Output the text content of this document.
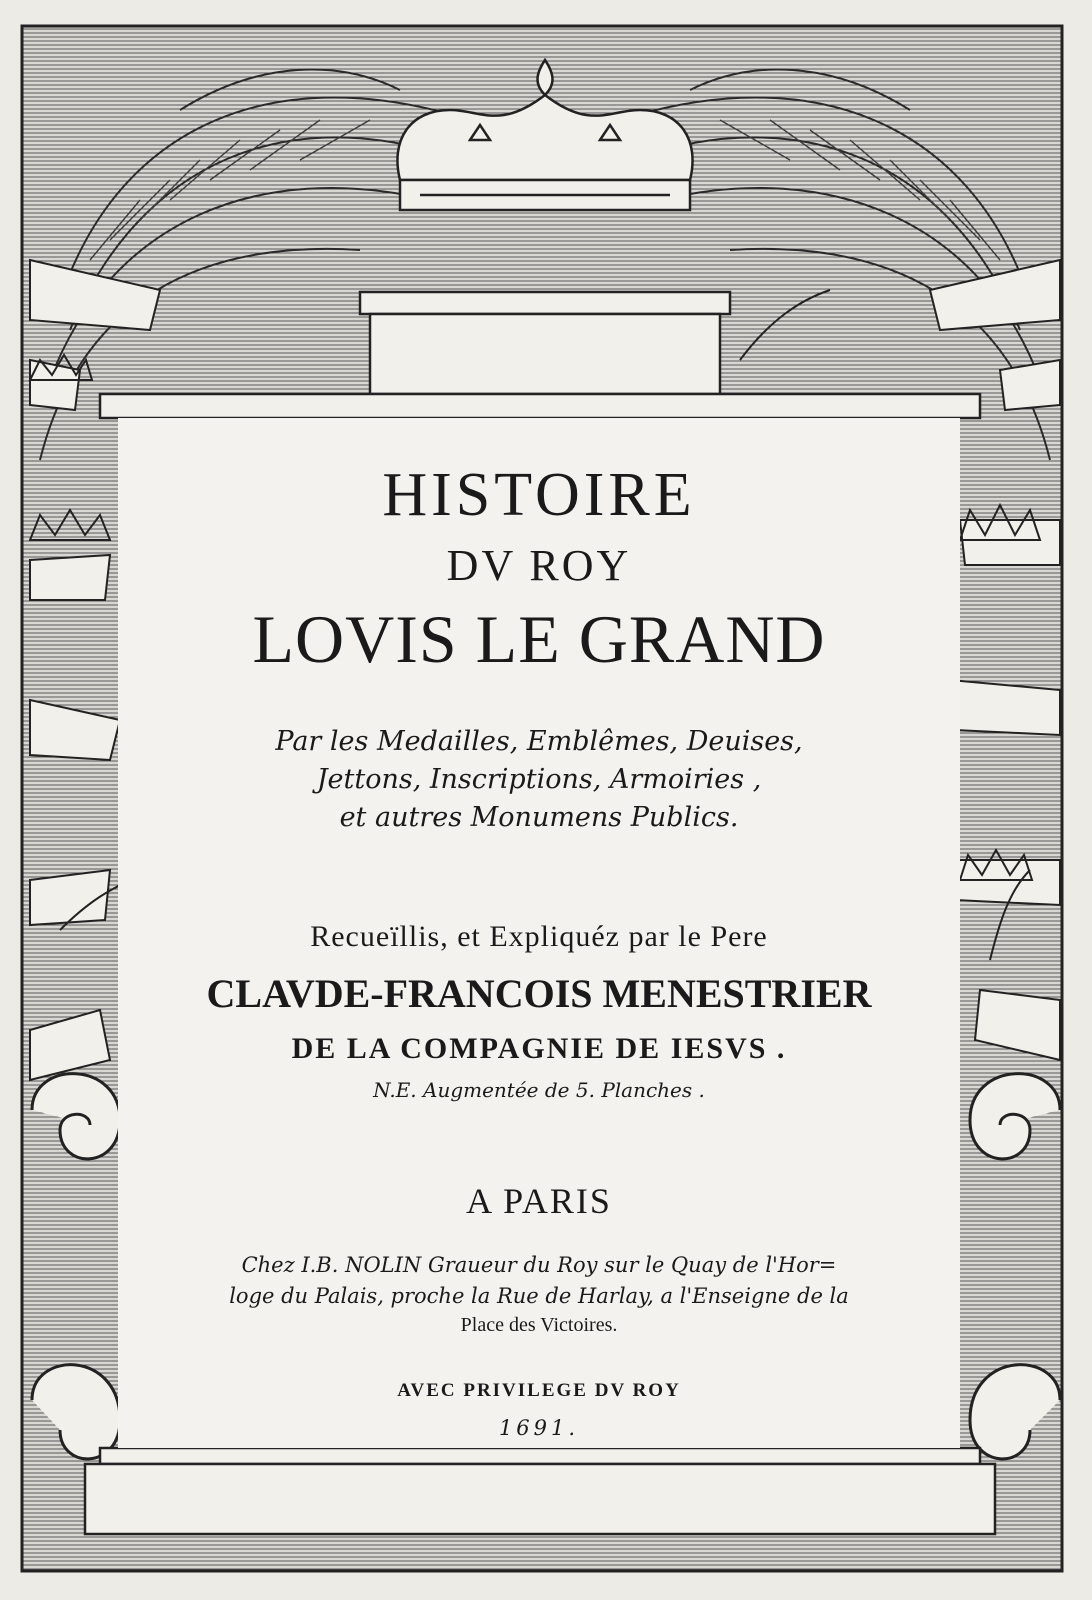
HISTOIRE
DV ROY
LOVIS LE GRAND
Par les Medailles, Emblêmes, Deuises,
Jettons, Inscriptions, Armoiries ,
et autres Monumens Publics.
Recueïllis, et Expliquéz par le Pere
CLAVDE-FRANCOIS MENESTRIER
DE LA COMPAGNIE DE IESVS .
N.E. Augmentée de 5. Planches .
A PARIS
Chez I.B. NOLIN Graueur du Roy sur le Quay de l'Hor=
loge du Palais, proche la Rue de Harlay, a l'Enseigne de la
Place des Victoires.
AVEC PRIVILEGE DV ROY
1691.
